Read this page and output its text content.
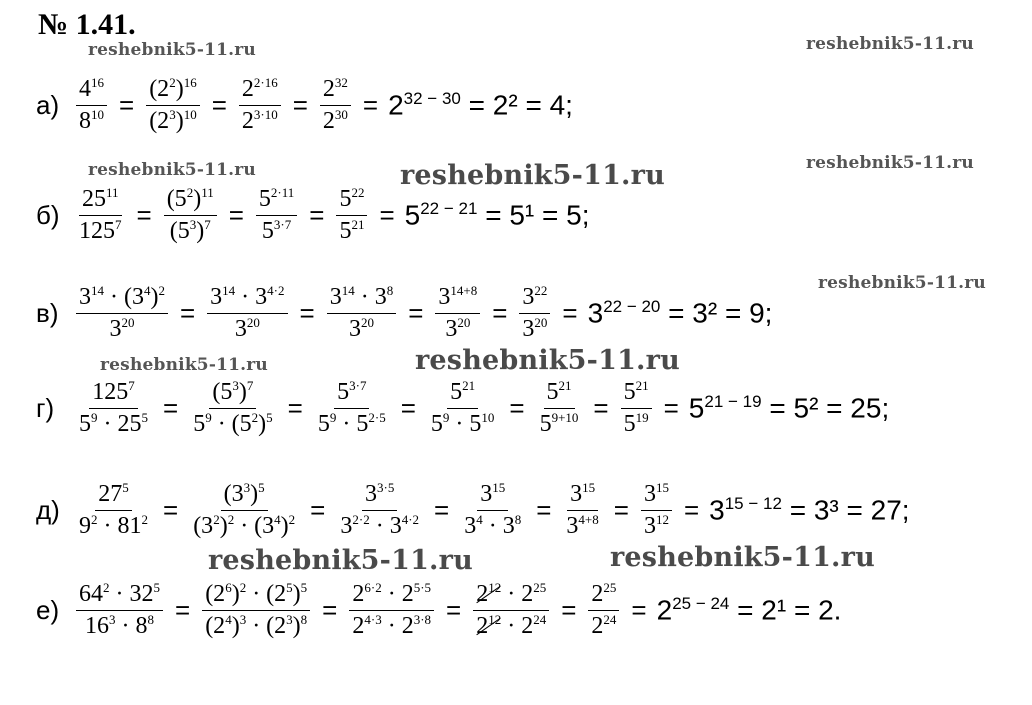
№ 1.41.
reshebnik5-11.ru	reshebnik5-11.ru
reshebnik5-11.ru	reshebnik5-11.ru	reshebnik5-11.ru
reshebnik5-11.ru
reshebnik5-11.ru	reshebnik5-11.ru
reshebnik5-11.ru	reshebnik5-11.ru
$а) \frac{4^{16}}{8^{10}} = \frac{(2^2)^{16}}{(2^3)^{10}} = \frac{2^{2\cdot 16}}{2^{3\cdot 10}} = \frac{2^{32}}{2^{30}} = 2^{32 - 30} = 2^2 = 4$;
$б) \frac{25^{11}}{125^7} = \frac{(5^2)^{11}}{(5^3)^7} = \frac{5^{2\cdot 11}}{5^{3\cdot 7}} = \frac{5^{22}}{5^{21}} = 5^{22 - 21} = 5^1 = 5$;
$в) \frac{3^{14} \cdot (3^4)^2}{3^{20}} = \frac{3^{14} \cdot 3^{4\cdot 2}}{3^{20}} = \frac{3^{14} \cdot 3^8}{3^{20}} = \frac{3^{14+8}}{3^{20}} = \frac{3^{22}}{3^{20}} = 3^{22 - 20} = 3^2 = 9$;
$г) \frac{125^7}{5^9 \cdot 25^5} = \frac{(5^3)^7}{5^9 \cdot (5^2)^5} = \frac{5^{3\cdot 7}}{5^9 \cdot 5^{2\cdot 5}} = \frac{5^{21}}{5^9 \cdot 5^{10}} = \frac{5^{21}}{5^{9+10}} = \frac{5^{21}}{5^{19}} = 5^{21 - 19} = 5^2 = 25$;
$д) \frac{27^5}{9^2 \cdot 81^2} = \frac{(3^3)^5}{(3^2)^2 \cdot (3^4)^2} = \frac{3^{3\cdot 5}}{3^{2\cdot 2} \cdot 3^{4\cdot 2}} = \frac{3^{15}}{3^4 \cdot 3^8} = \frac{3^{15}}{3^{4+8}} = \frac{3^{15}}{3^{12}} = 3^{15 - 12} = 3^3 = 27$;
$е) \frac{64^2 \cdot 32^5}{16^3 \cdot 8^8} = \frac{(2^6)^2 \cdot (2^5)^5}{(2^4)^3 \cdot (2^3)^8} = \frac{2^{6\cdot 2} \cdot 2^{5\cdot 5}}{2^{4\cdot 3} \cdot 2^{3\cdot 8}} = \frac{2^{12} \cdot 2^{25}}{2^{12} \cdot 2^{24}} = \frac{2^{25}}{2^{24}} = 2^{25 - 24} = 2^1 = 2$.
